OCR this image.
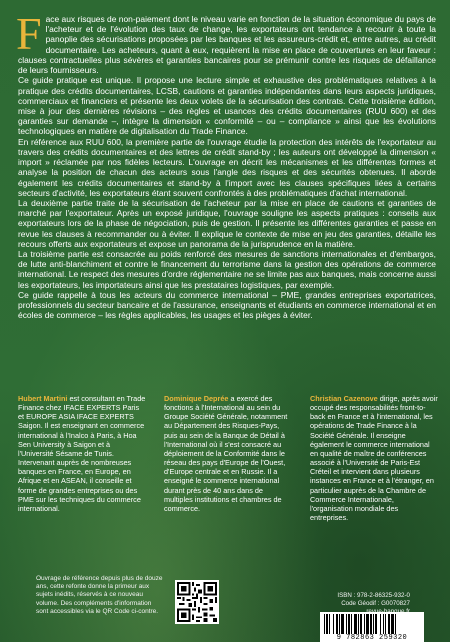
Face aux risques de non-paiement dont le niveau varie en fonction de la situation économique du pays de l'acheteur et de l'évolution des taux de change, les exportateurs ont tendance à recourir à toute la panoplie des sécurisations proposées par les banques et les assureurs-crédit et, entre autres, au crédit documentaire. Les acheteurs, quant à eux, requièrent la mise en place de couvertures en leur faveur : clauses contractuelles plus sévères et garanties bancaires pour se prémunir contre les risques de défaillance de leurs fournisseurs.

Ce guide pratique est unique. Il propose une lecture simple et exhaustive des problématiques relatives à la pratique des crédits documentaires, LCSB, cautions et garanties indépendantes dans leurs aspects juridiques, commerciaux et financiers et présente les deux volets de la sécurisation des contrats. Cette troisième édition, mise à jour des dernières révisions – des règles et usances des crédits documentaires (RUU 600) et des garanties sur demande –, intègre la dimension « conformité – ou – compliance » ainsi que les évolutions technologiques en matière de digitalisation du Trade Finance.

En référence aux RUU 600, la première partie de l'ouvrage étudie la protection des intérêts de l'exportateur au travers des crédits documentaires et des lettres de crédit stand-by ; les auteurs ont développé la dimension « import » réclamée par nos fidèles lecteurs. L'ouvrage en décrit les mécanismes et les différentes formes et analyse la position de chacun des acteurs sous l'angle des risques et des sécurités obtenues. Il aborde également les crédits documentaires et stand-by à l'import avec les clauses spécifiques liées à certains secteurs d'activité, les exportateurs étant souvent confrontés à des problématiques d'achat international.

La deuxième partie traite de la sécurisation de l'acheteur par la mise en place de cautions et garanties de marché par l'exportateur. Après un exposé juridique, l'ouvrage souligne les aspects pratiques : conseils aux exportateurs lors de la phase de négociation, puis de gestion. Il présente les différentes garanties et passe en revue les clauses à recommander ou à éviter. Il explique le contexte de mise en jeu des garanties, détaille les recours offerts aux exportateurs et expose un panorama de la jurisprudence en la matière.

La troisième partie est consacrée au poids renforcé des mesures de sanctions internationales et d'embargos, de lutte anti-blanchiment et contre le financement du terrorisme dans la gestion des opérations de commerce international. Le respect des mesures d'ordre réglementaire ne se limite pas aux banques, mais concerne aussi les exportateurs, les importateurs ainsi que les prestataires logistiques, par exemple.

Ce guide rappelle à tous les acteurs du commerce international – PME, grandes entreprises exportatrices, professionnels du secteur bancaire et de l'assurance, enseignants et étudiants en commerce international et en écoles de commerce – les règles applicables, les usages et les pièges à éviter.

Hubert Martini est consultant en Trade Finance chez IFACE EXPERTS Paris et EUROPE ASIA IFACE EXPERTS Saigon. Il est enseignant en commerce international à l'Inalco à Paris, à Hoa Sen University à Saigon et à l'Université Sésame de Tunis. Intervenant auprès de nombreuses banques en France, en Europe, en Afrique et en ASEAN, il conseille et forme de grandes entreprises ou des PME sur les techniques du commerce international.
Dominique Deprée a exercé des fonctions à l'International au sein du Groupe Société Générale, notamment au Département des Risques-Pays, puis au sein de la Banque de Détail à l'International où il s'est consacré au déploiement de la Conformité dans le réseau des pays d'Europe de l'Ouest, d'Europe centrale et en Russie. Il a enseigné le commerce international durant près de 40 ans dans de multiples institutions et chambres de commerce.
Christian Cazenove dirige, après avoir occupé des responsabilités front-to-back en France et à l'international, les opérations de Trade Finance à la Société Générale. Il enseigne également le commerce international en qualité de maître de conférences associé à l'Université de Paris-Est Créteil et intervient dans plusieurs instances en France et à l'étranger, en particulier auprès de la Chambre de Commerce Internationale, l'organisation mondiale des entreprises.
Ouvrage de référence depuis plus de douze ans, cette refonte donne la primeur aux sujets inédits, réservés à ce nouveau volume. Des compléments d'information sont accessibles via le QR Code ci-contre.
ISBN : 978-2-86325-932-0
Code Géodif : G0070827
9 782863 259320
